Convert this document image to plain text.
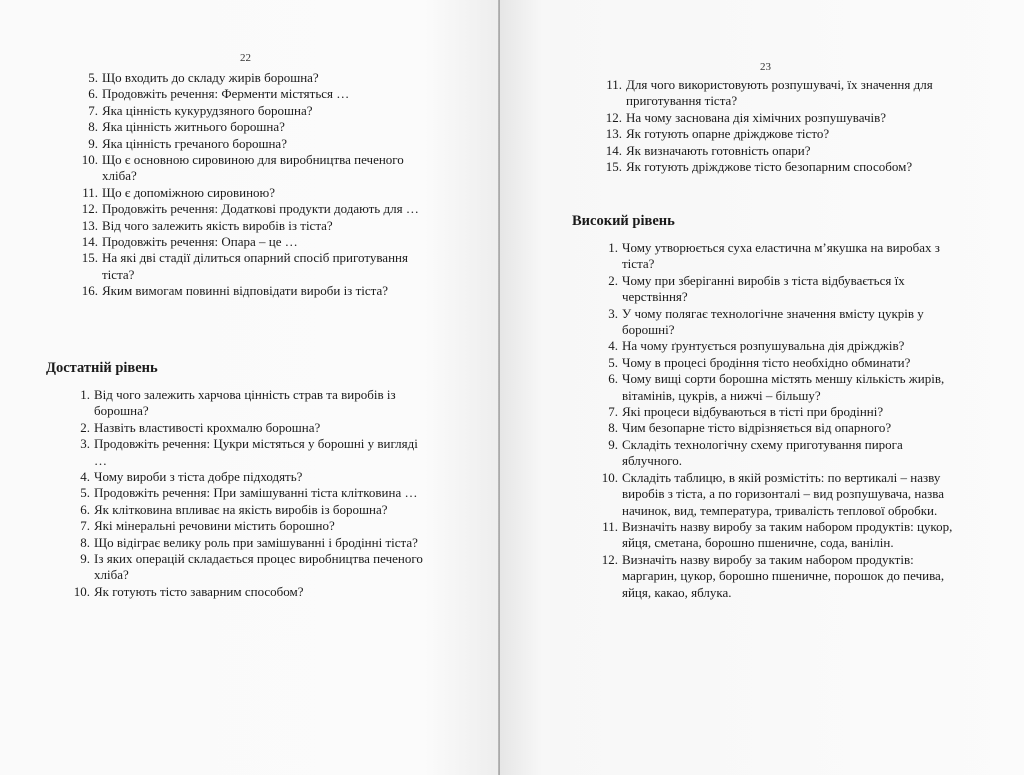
22
5. Що входить до складу жирів борошна?
6. Продовжіть речення: Ферменти містяться …
7. Яка цінність кукурудзяного борошна?
8. Яка цінність житнього борошна?
9. Яка цінність гречаного борошна?
10. Що є основною сировиною для виробництва печеного хліба?
11. Що є допоміжною сировиною?
12. Продовжіть речення: Додаткові продукти додають для …
13. Від чого залежить якість виробів із тіста?
14. Продовжіть речення: Опара – це …
15. На які дві стадії ділиться опарний спосіб приготування тіста?
16. Яким вимогам повинні відповідати вироби із тіста?
Достатній рівень
1. Від чого залежить харчова цінність страв та виробів із борошна?
2. Назвіть властивості крохмалю борошна?
3. Продовжіть речення: Цукри містяться у борошні у вигляді …
4. Чому вироби з тіста добре підходять?
5. Продовжіть речення: При замішуванні тіста клітковина …
6. Як клітковина впливає на якість виробів із борошна?
7. Які мінеральні речовини містить борошно?
8. Що відіграє велику роль при замішуванні і бродінні тіста?
9. Із яких операцій складається процес виробництва печеного хліба?
10. Як готують тісто заварним способом?
23
11. Для чого використовують розпушувачі, їх значення для приготування тіста?
12. На чому заснована дія хімічних розпушувачів?
13. Як готують опарне дріжджове тісто?
14. Як визначають готовність опари?
15. Як готують дріжджове тісто безопарним способом?
Високий рівень
1. Чому утворюється суха еластична м’якушка на виробах з тіста?
2. Чому при зберіганні виробів з тіста відбувається їх черствіння?
3. У чому полягає технологічне значення вмісту цукрів у борошні?
4. На чому ґрунтується розпушувальна дія дріжджів?
5. Чому в процесі бродіння тісто необхідно обминати?
6. Чому вищі сорти борошна містять меншу кількість жирів, вітамінів, цукрів, а нижчі – більшу?
7. Які процеси відбуваються в тісті при бродінні?
8. Чим безопарне тісто відрізняється від опарного?
9. Складіть технологічну схему приготування пирога яблучного.
10. Складіть таблицю, в якій розмістіть: по вертикалі – назву виробів з тіста, а по горизонталі – вид розпушувача, назва начинок, вид, температура, тривалість теплової обробки.
11. Визначіть назву виробу за таким набором продуктів: цукор, яйця, сметана, борошно пшеничне, сода, ванілін.
12. Визначіть назву виробу за таким набором продуктів: маргарин, цукор, борошно пшеничне, порошок до печива, яйця, какао, яблука.
